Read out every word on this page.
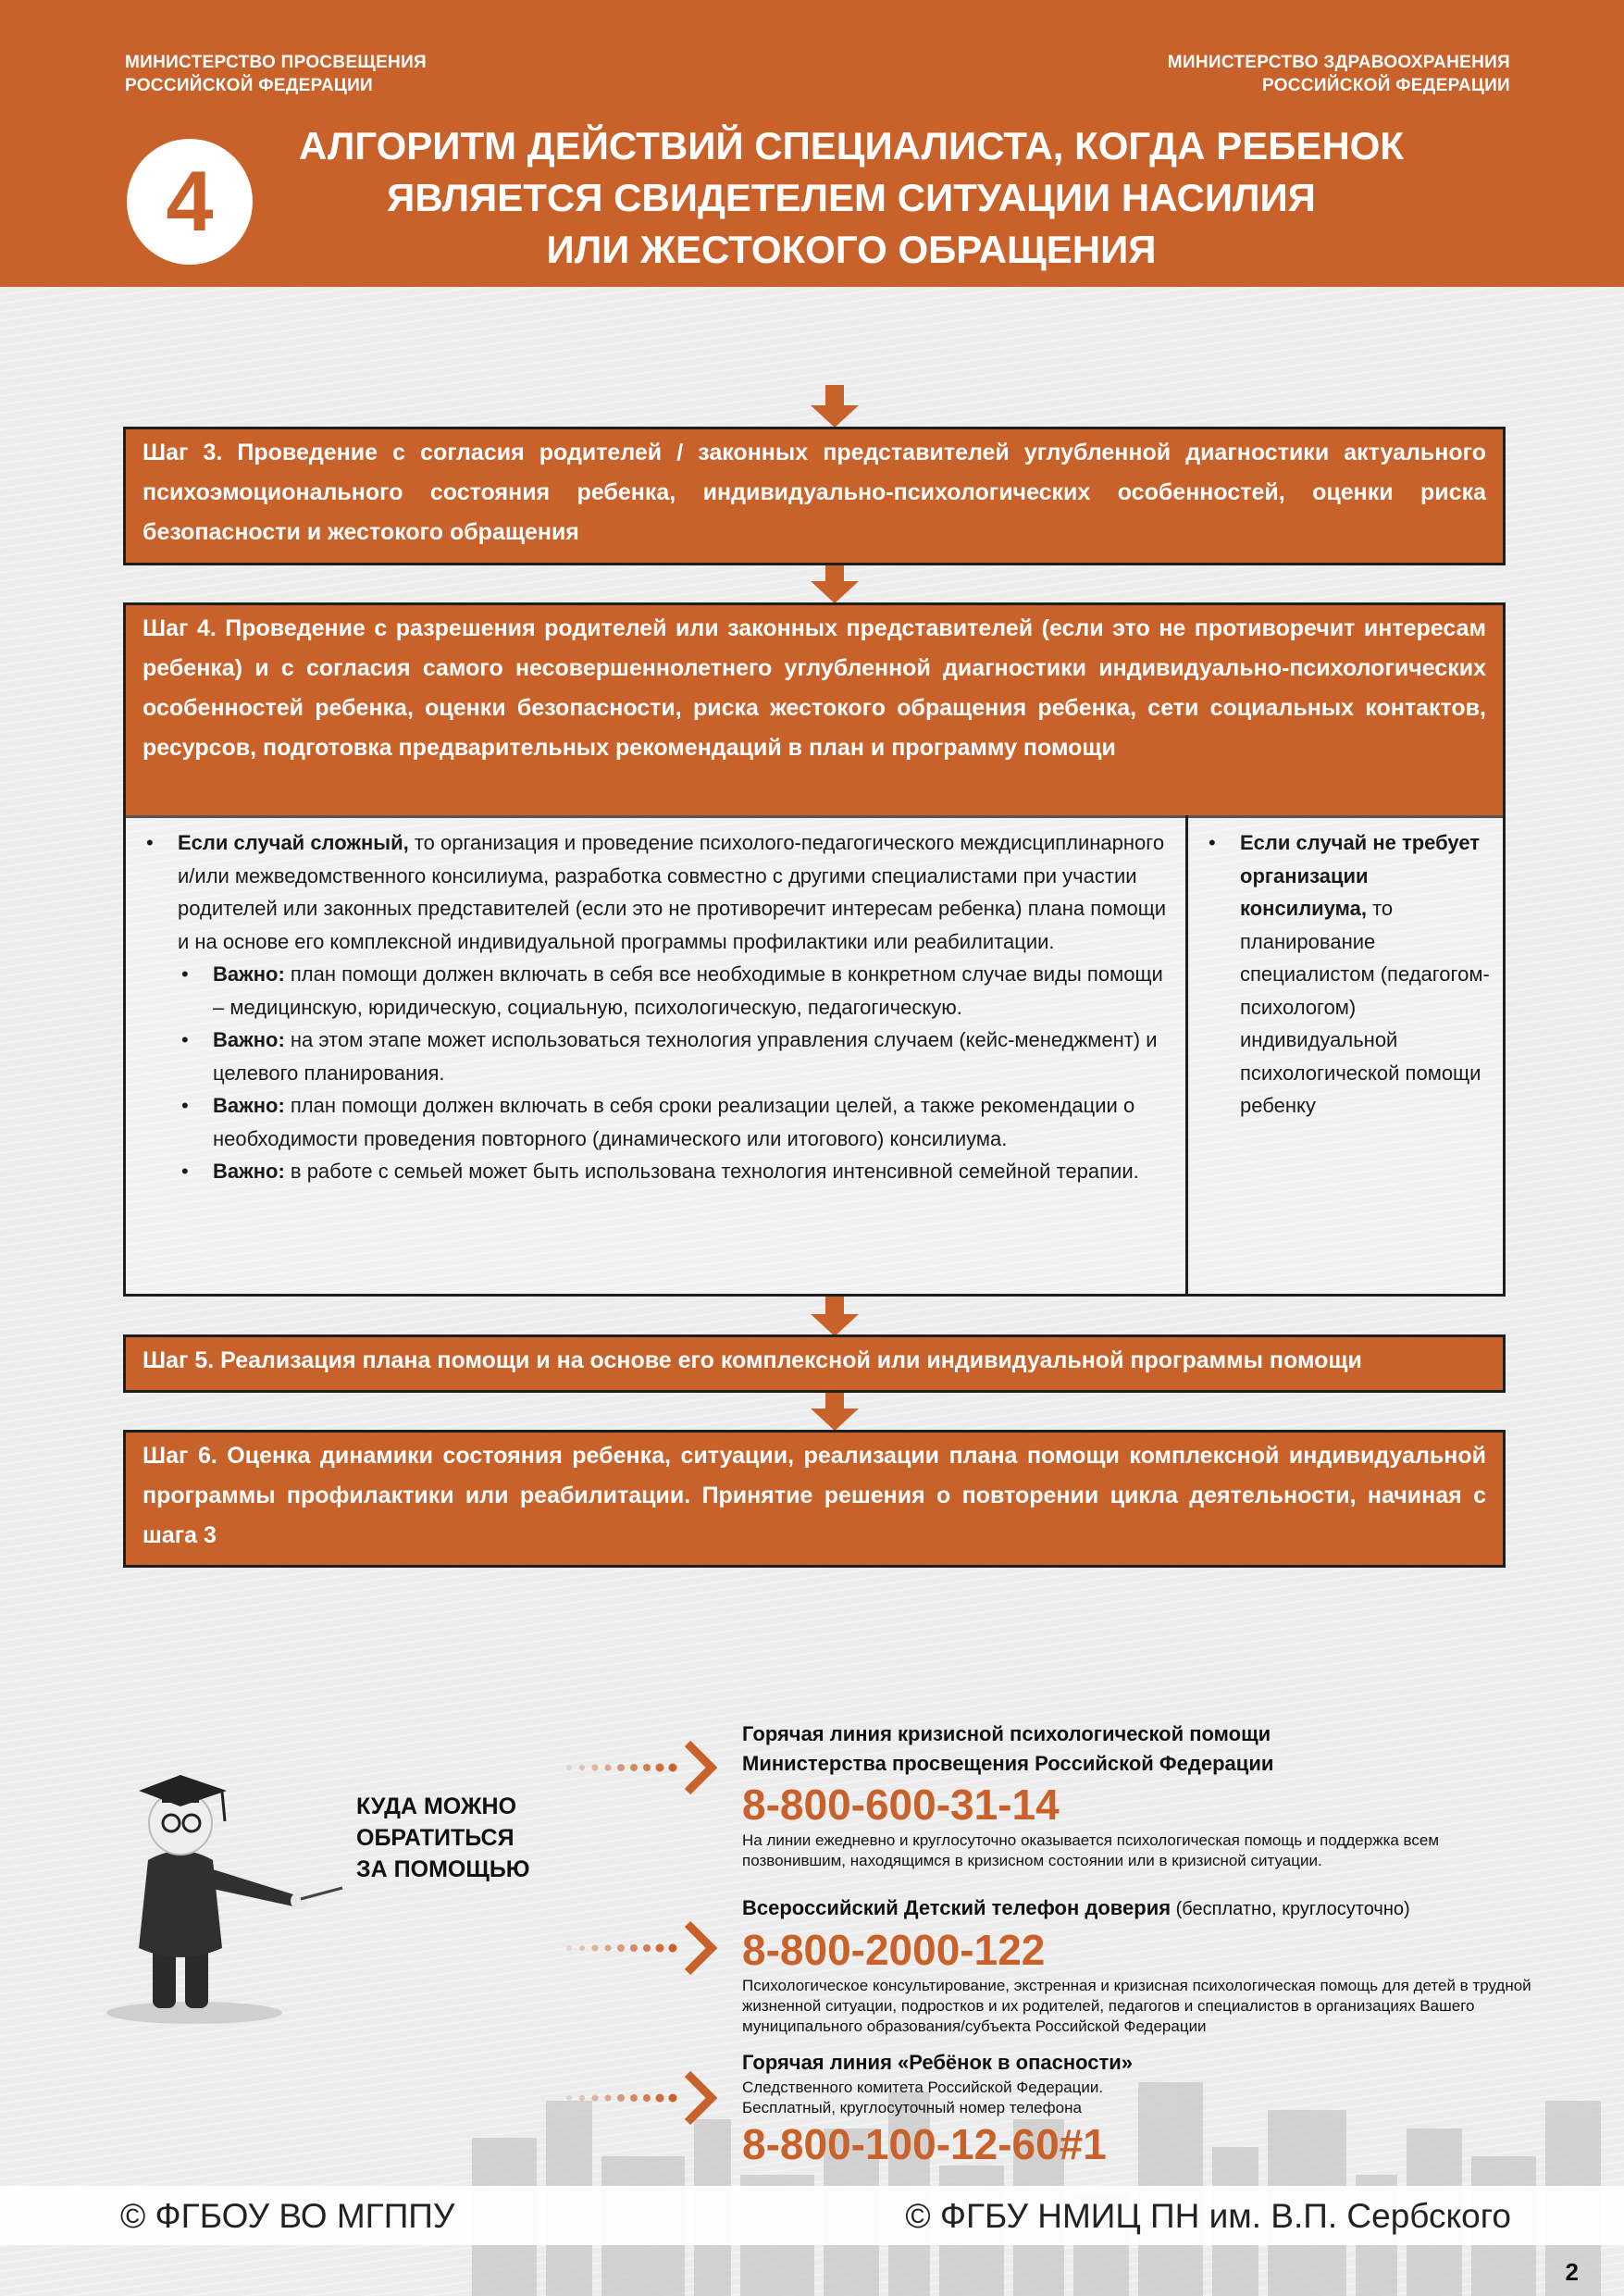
МИНИСТЕРСТВО ПРОСВЕЩЕНИЯ
РОССИЙСКОЙ ФЕДЕРАЦИИ
МИНИСТЕРСТВО ЗДРАВООХРАНЕНИЯ
РОССИЙСКОЙ ФЕДЕРАЦИИ
4
АЛГОРИТМ ДЕЙСТВИЙ СПЕЦИАЛИСТА, КОГДА РЕБЕНОК
ЯВЛЯЕТСЯ СВИДЕТЕЛЕМ СИТУАЦИИ НАСИЛИЯ
ИЛИ ЖЕСТОКОГО ОБРАЩЕНИЯ
Шаг 3. Проведение с согласия родителей / законных представителей углубленной диагностики актуального психоэмоционального состояния ребенка, индивидуально-психологических особенностей, оценки риска безопасности и жестокого обращения
Шаг 4. Проведение с разрешения родителей или законных представителей (если это не противоречит интересам ребенка) и с согласия самого несовершеннолетнего углубленной диагностики индивидуально-психологических особенностей ребенка, оценки безопасности, риска жестокого обращения ребенка, сети социальных контактов, ресурсов, подготовка предварительных рекомендаций в план и программу помощи
• Если случай сложный, то организация и проведение психолого-педагогического междисциплинарного и/или межведомственного консилиума, разработка совместно с другими специалистами при участии родителей или законных представителей (если это не противоречит интересам ребенка) плана помощи и на основе его комплексной индивидуальной программы профилактики или реабилитации.
• Важно: план помощи должен включать в себя все необходимые в конкретном случае виды помощи – медицинскую, юридическую, социальную, психологическую, педагогическую.
• Важно: на этом этапе может использоваться технология управления случаем (кейс-менеджмент) и целевого планирования.
• Важно: план помощи должен включать в себя сроки реализации целей, а также рекомендации о необходимости проведения повторного (динамического или итогового) консилиума.
• Важно: в работе с семьей может быть использована технология интенсивной семейной терапии.
• Если случай не требует организации консилиума, то планирование специалистом (педагогом-психологом) индивидуальной психологической помощи ребенку
Шаг 5. Реализация плана помощи и на основе его комплексной или индивидуальной программы помощи
Шаг 6. Оценка динамики состояния ребенка, ситуации, реализации плана помощи комплексной индивидуальной программы профилактики или реабилитации. Принятие решения о повторении цикла деятельности, начиная с шага 3
КУДА МОЖНО
ОБРАТИТЬСЯ
ЗА ПОМОЩЬЮ
Горячая линия кризисной психологической помощи
Министерства просвещения Российской Федерации
8-800-600-31-14
На линии ежедневно и круглосуточно оказывается психологическая помощь и поддержка всем позвонившим, находящимся в кризисном состоянии или в кризисной ситуации.
Всероссийский Детский телефон доверия (бесплатно, круглосуточно)
8-800-2000-122
Психологическое консультирование, экстренная и кризисная психологическая помощь для детей в трудной жизненной ситуации, подростков и их родителей, педагогов и специалистов в организациях Вашего муниципального образования/субъекта Российской Федерации
Горячая линия «Ребёнок в опасности»
Следственного комитета Российской Федерации.
Бесплатный, круглосуточный номер телефона
8-800-100-12-60#1
© ФГБОУ ВО МГППУ	© ФГБУ НМИЦ ПН им. В.П. Сербского
2
